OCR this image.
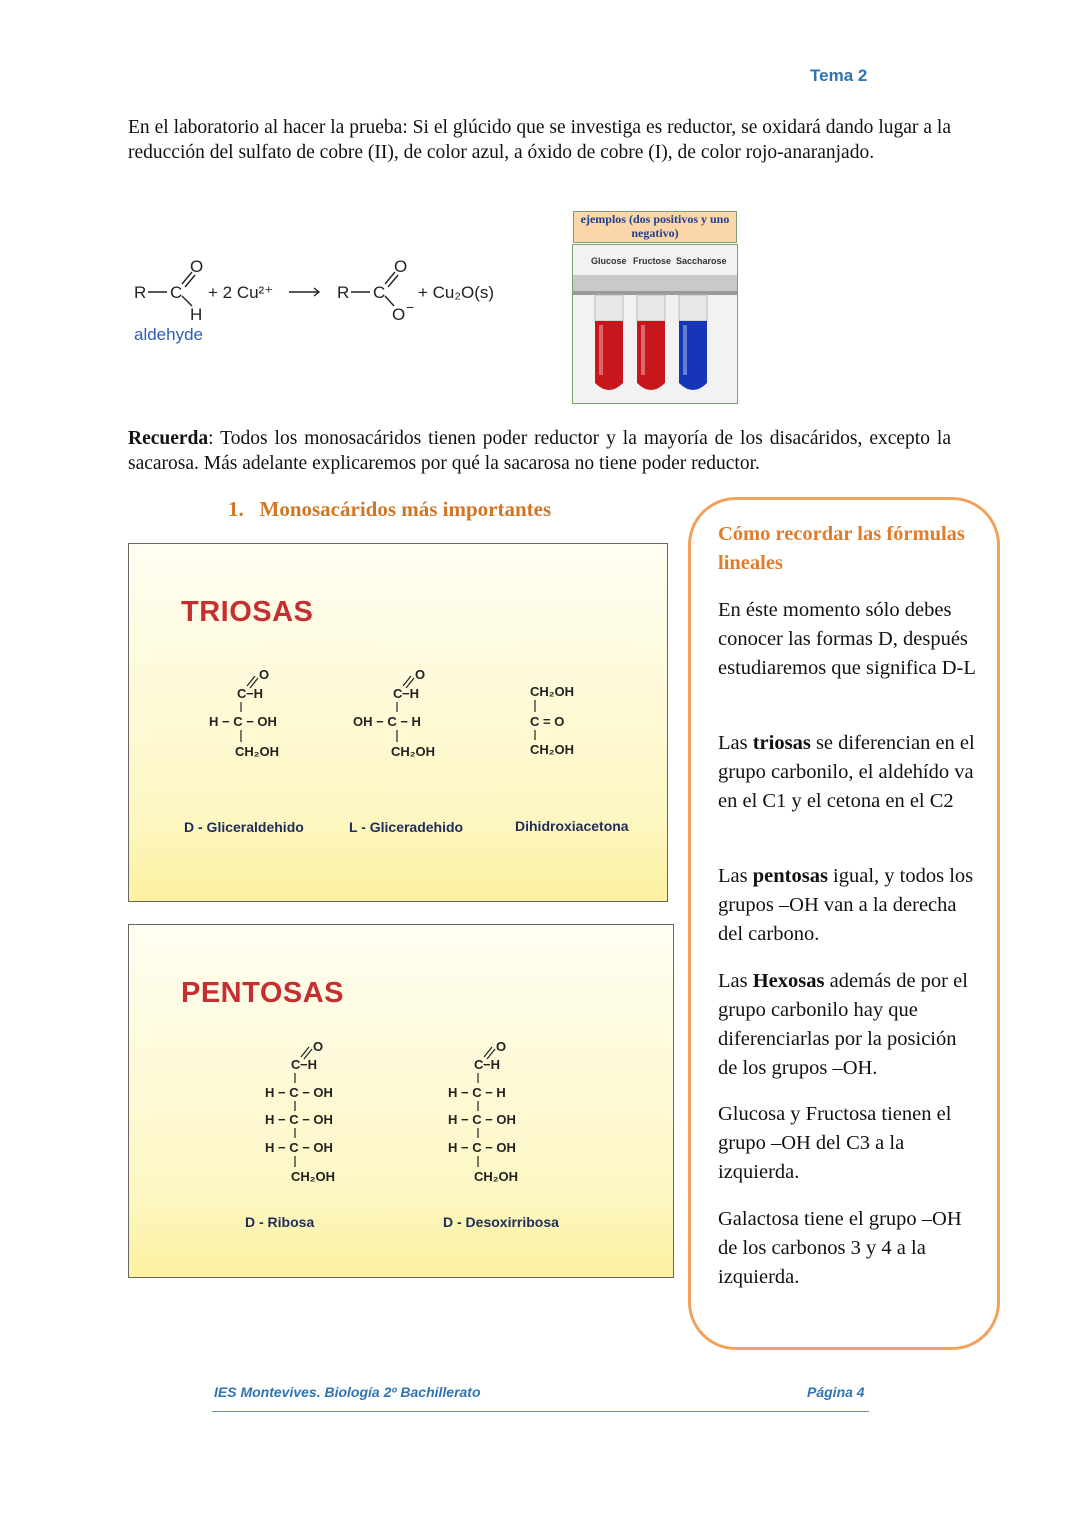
Tema 2
En el laboratorio al hacer la prueba: Si el glúcido que se investiga es reductor, se oxidará dando lugar a la reducción del sulfato de cobre (II), de color azul, a óxido de cobre (I), de color rojo-anaranjado.
R C
O
H
+ 2 Cu²⁺	R C
O
O −
+ Cu₂O(s)
aldehyde
ejemplos (dos positivos y uno negativo)
Glucose Fructose Saccharose
Recuerda: Todos los monosacáridos tienen poder reductor y la mayoría de los disacáridos, excepto la sacarosa. Más adelante explicaremos por qué la sacarosa no tiene poder reductor.
1.   Monosacáridos más importantes
TRIOSAS
C −H
O
H − C − OH
CH₂OH
C −H
O
OH − C − H
CH₂OH
CH₂OH
C = O
CH₂OH
D - Gliceraldehido	L - Gliceradehido	Dihidroxiacetona
PENTOSAS
C −H
O
H − C − OH
H − C − OH
H − C − OH
CH₂OH
C −H
O
H − C − H
H − C − OH
H − C − OH
CH₂OH
D - Ribosa	D - Desoxirribosa
Cómo recordar las fórmulas lineales
En éste momento sólo debes conocer las formas D, después estudiaremos que significa D-L
Las triosas se diferencian en el grupo carbonilo, el aldehído va en el C1 y el cetona en el C2
Las pentosas igual, y todos los grupos –OH van a la derecha del carbono.
Las Hexosas además de por el grupo carbonilo hay que diferenciarlas por la posición de los grupos –OH.
Glucosa y Fructosa tienen el grupo –OH del C3 a la izquierda.
Galactosa tiene el grupo –OH de los carbonos 3 y 4 a la izquierda.
IES Montevives. Biología 2º Bachillerato	Página 4
